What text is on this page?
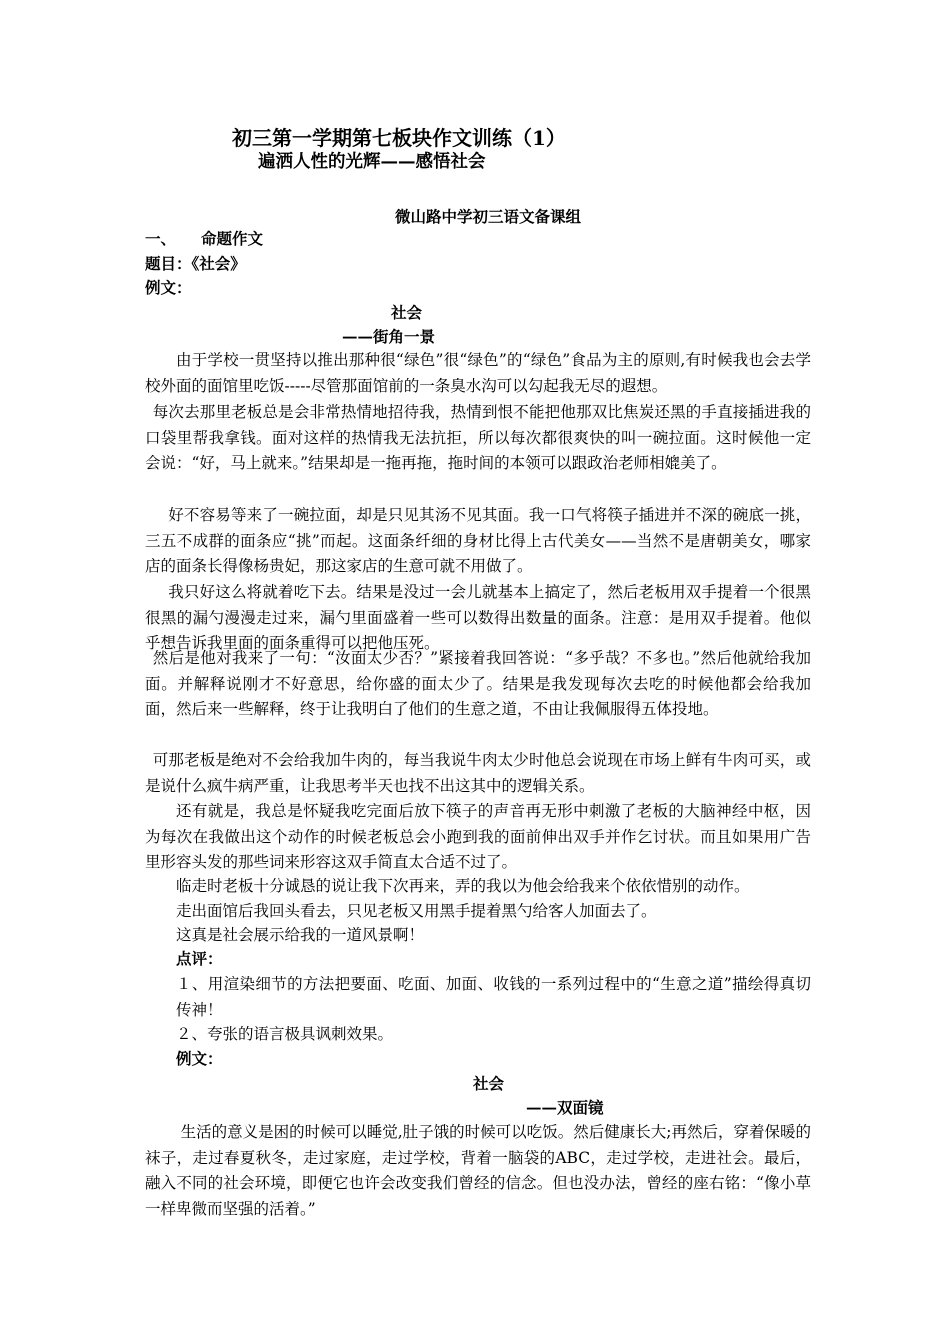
初三第一学期第七板块作文训练（1）
遍洒人性的光辉——感悟社会
微山路中学初三语文备课组
一、 命题作文
题目：《社会》
例文：
社会
——街角一景
由于学校一贯坚持以推出那种很“绿色”很“绿色”的“绿色”食品为主的原则,有时候我也会去学校外面的面馆里吃饭-----尽管那面馆前的一条臭水沟可以勾起我无尽的遐想。
每次去那里老板总是会非常热情地招待我，热情到恨不能把他那双比焦炭还黑的手直接插进我的口袋里帮我拿钱。面对这样的热情我无法抗拒，所以每次都很爽快的叫一碗拉面。这时候他一定会说：“好，马上就来。”结果却是一拖再拖，拖时间的本领可以跟政治老师相媲美了。
好不容易等来了一碗拉面，却是只见其汤不见其面。我一口气将筷子插进并不深的碗底一挑，三五不成群的面条应“挑”而起。这面条纤细的身材比得上古代美女——当然不是唐朝美女，哪家店的面条长得像杨贵妃，那这家店的生意可就不用做了。
我只好这么将就着吃下去。结果是没过一会儿就基本上搞定了，然后老板用双手提着一个很黑很黑的漏勺漫漫走过来，漏勺里面盛着一些可以数得出数量的面条。注意：是用双手提着。他似乎想告诉我里面的面条重得可以把他压死。
然后是他对我来了一句：“汝面太少否？”紧接着我回答说：“多乎哉？不多也。”然后他就给我加面。并解释说刚才不好意思，给你盛的面太少了。结果是我发现每次去吃的时候他都会给我加面，然后来一些解释，终于让我明白了他们的生意之道，不由让我佩服得五体投地。
可那老板是绝对不会给我加牛肉的，每当我说牛肉太少时他总会说现在市场上鲜有牛肉可买，或是说什么疯牛病严重，让我思考半天也找不出这其中的逻辑关系。
还有就是，我总是怀疑我吃完面后放下筷子的声音再无形中刺激了老板的大脑神经中枢，因为每次在我做出这个动作的时候老板总会小跑到我的面前伸出双手并作乞讨状。而且如果用广告里形容头发的那些词来形容这双手简直太合适不过了。
临走时老板十分诚恳的说让我下次再来，弄的我以为他会给我来个依依惜别的动作。
走出面馆后我回头看去，只见老板又用黑手提着黑勺给客人加面去了。
这真是社会展示给我的一道风景啊！
点评：
１、用渲染细节的方法把要面、吃面、加面、收钱的一系列过程中的“生意之道”描绘得真切传神！
２、夸张的语言极具讽刺效果。
例文：
社会
——双面镜
生活的意义是困的时候可以睡觉,肚子饿的时候可以吃饭。然后健康长大;再然后，穿着保暖的袜子，走过春夏秋冬，走过家庭，走过学校，背着一脑袋的ABC，走过学校，走进社会。最后，融入不同的社会环境，即便它也许会改变我们曾经的信念。但也没办法，曾经的座右铭：“像小草一样卑微而坚强的活着。”
